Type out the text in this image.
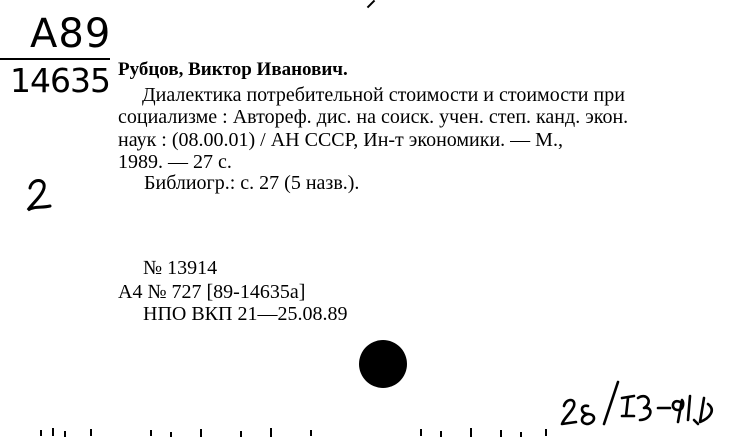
A89
14635 Рубцов, Виктор Иванович.
Диалектика потребительной стоимости и стоимости при
социализме : Автореф. дис. на соиск. учен. степ. канд. экон.
наук : (08.00.01) / АН СССР, Ин-т экономики. — М.,
1989. — 27 с.
Библиогр.: с. 27 (5 назв.).
№ 13914
А4 № 727 [89-14635а]
НПО ВКП 21—25.08.89
